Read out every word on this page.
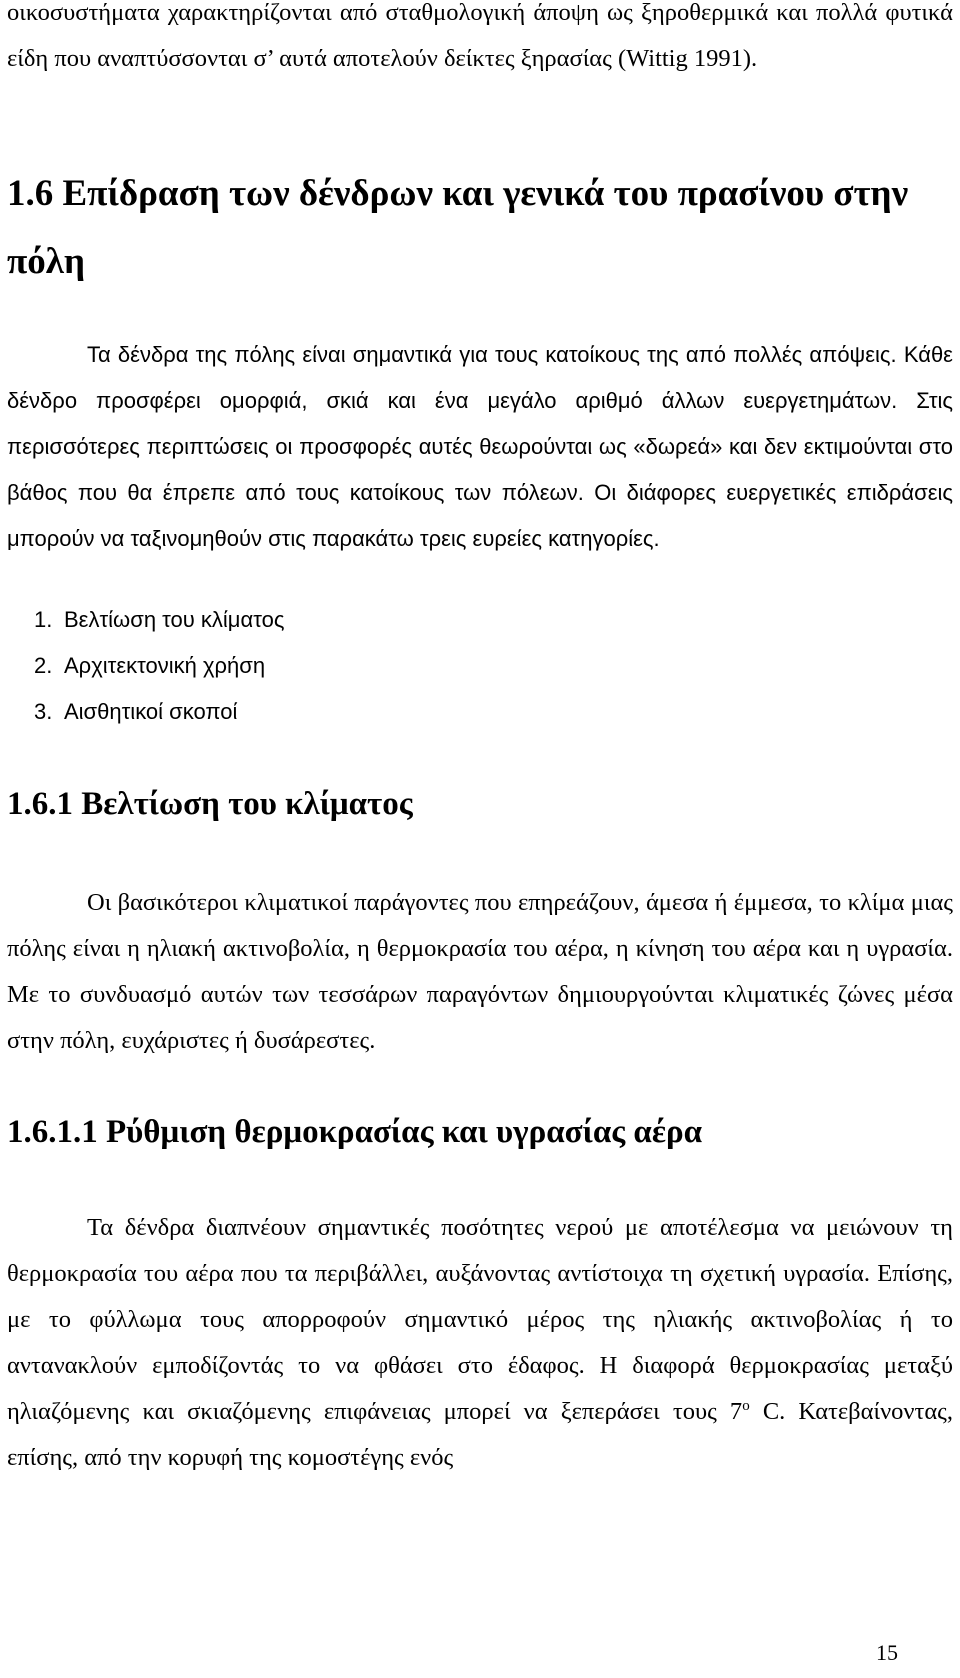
οικοσυστήματα χαρακτηρίζονται από σταθμολογική άποψη ως ξηροθερμικά και πολλά φυτικά είδη που αναπτύσσονται σ’ αυτά αποτελούν δείκτες ξηρασίας (Wittig 1991).

1.6 Επίδραση των δένδρων και γενικά του πρασίνου στην πόλη

Τα δένδρα της πόλης είναι σημαντικά για τους κατοίκους της από πολλές απόψεις. Κάθε δένδρο προσφέρει ομορφιά, σκιά και ένα μεγάλο αριθμό άλλων ευεργετημάτων. Στις περισσότερες περιπτώσεις οι προσφορές αυτές θεωρούνται ως «δωρεά» και δεν εκτιμούνται στο βάθος που θα έπρεπε από τους κατοίκους των πόλεων. Οι διάφορες ευεργετικές επιδράσεις μπορούν να ταξινομηθούν στις παρακάτω τρεις ευρείες κατηγορίες.

1. Βελτίωση του κλίματος
2. Αρχιτεκτονική χρήση
3. Αισθητικοί σκοποί
1.6.1 Βελτίωση του κλίματος

Οι βασικότεροι κλιματικοί παράγοντες που επηρεάζουν, άμεσα ή έμμεσα, το κλίμα μιας πόλης είναι η ηλιακή ακτινοβολία, η θερμοκρασία του αέρα, η κίνηση του αέρα και η υγρασία. Με το συνδυασμό αυτών των τεσσάρων παραγόντων δημιουργούνται κλιματικές ζώνες μέσα στην πόλη, ευχάριστες ή δυσάρεστες.

1.6.1.1 Ρύθμιση θερμοκρασίας και υγρασίας αέρα

Τα δένδρα διαπνέουν σημαντικές ποσότητες νερού με αποτέλεσμα να μειώνουν τη θερμοκρασία του αέρα που τα περιβάλλει, αυξάνοντας αντίστοιχα τη σχετική υγρασία. Επίσης, με το φύλλωμα τους απορροφούν σημαντικό μέρος της ηλιακής ακτινοβολίας ή το αντανακλούν εμποδίζοντάς το να φθάσει στο έδαφος. Η διαφορά θερμοκρασίας μεταξύ ηλιαζόμενης και σκιαζόμενης επιφάνειας μπορεί να ξεπεράσει τους $7^o$ C. Κατεβαίνοντας, επίσης, από την κορυφή της κομοστέγης ενός

15
